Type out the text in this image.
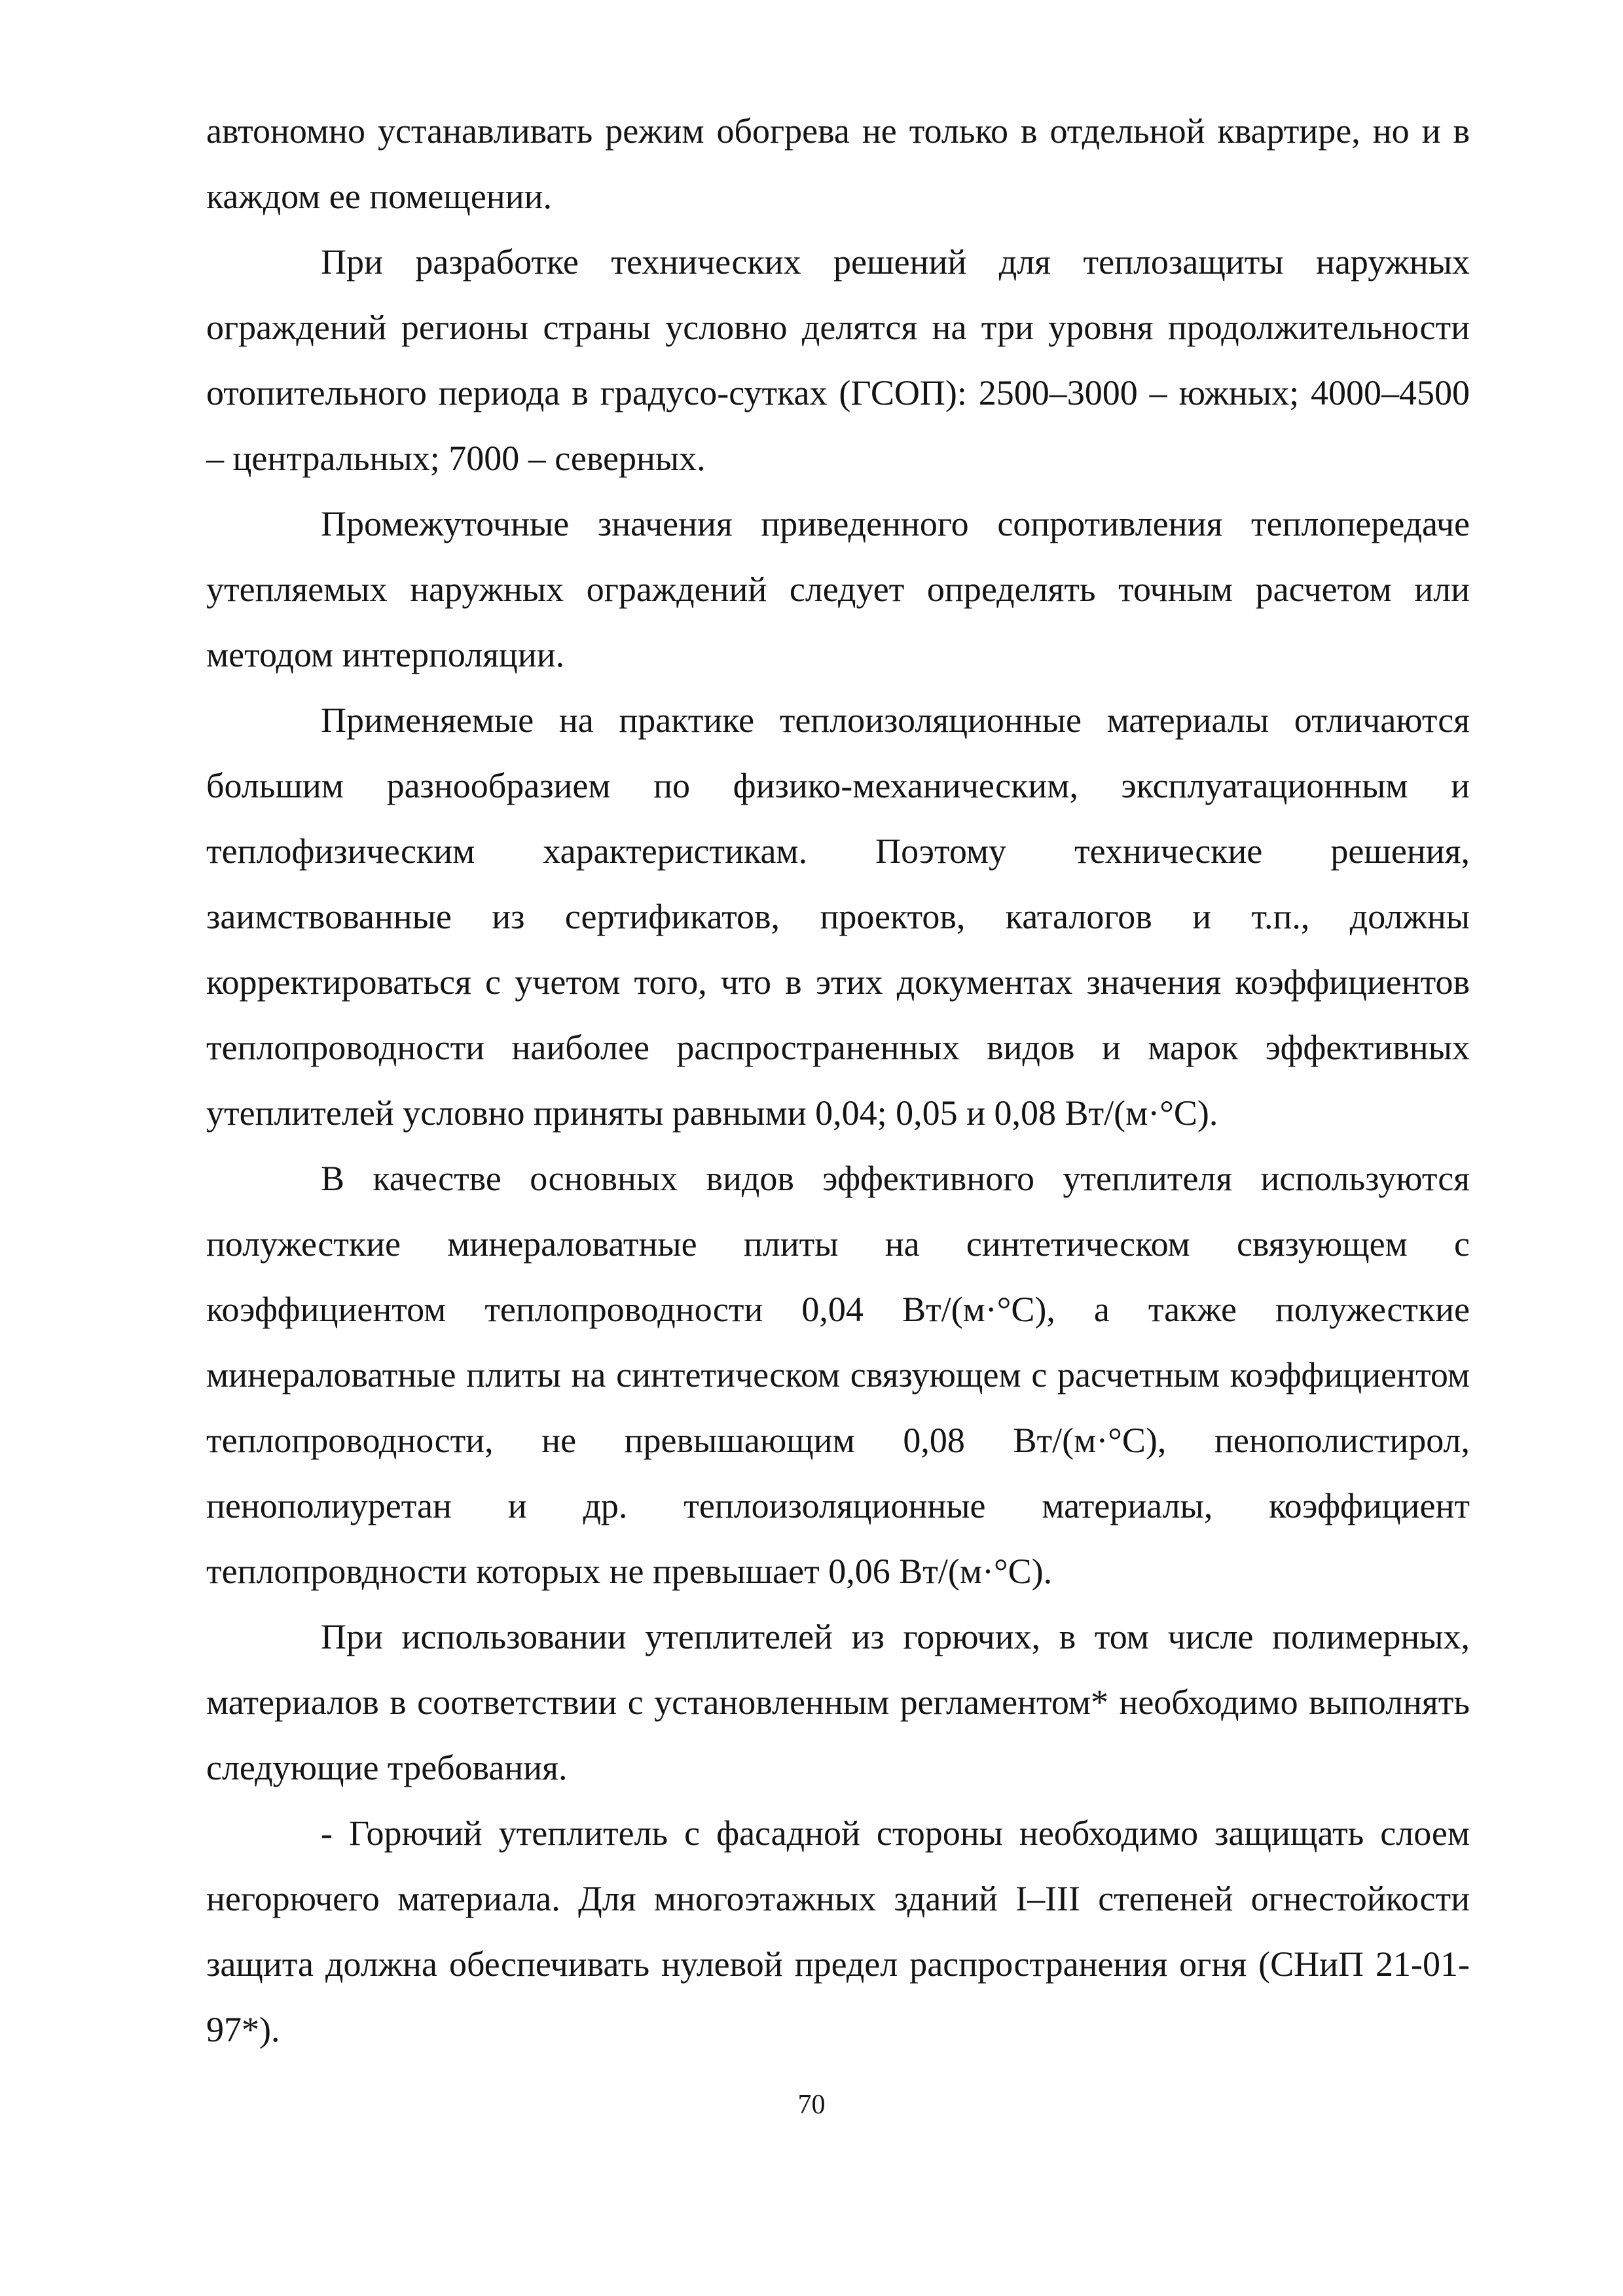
автономно устанавливать режим обогрева не только в отдельной квартире, но и в каждом ее помещении.

При разработке технических решений для теплозащиты наружных ограждений регионы страны условно делятся на три уровня продолжительности отопительного периода в градусо-сутках (ГСОП): 2500–3000 – южных; 4000–4500 – центральных; 7000 – северных.

Промежуточные значения приведенного сопротивления теплопередаче утепляемых наружных ограждений следует определять точным расчетом или методом интерполяции.

Применяемые на практике теплоизоляционные материалы отличаются большим разнообразием по физико-механическим, эксплуатационным и теплофизическим характеристикам. Поэтому технические решения, заимствованные из сертификатов, проектов, каталогов и т.п., должны корректироваться с учетом того, что в этих документах значения коэффициентов теплопроводности наиболее распространенных видов и марок эффективных утеплителей условно приняты равными 0,04; 0,05 и 0,08 Вт/(м·°С).

В качестве основных видов эффективного утеплителя используются полужесткие минераловатные плиты на синтетическом связующем с коэффициентом теплопроводности 0,04 Вт/(м·°С), а также полужесткие минераловатные плиты на синтетическом связующем с расчетным коэффициентом теплопроводности, не превышающим 0,08 Вт/(м·°С), пенополистирол, пенополиуретан и др. теплоизоляционные материалы, коэффициент теплопровдности которых не превышает 0,06 Вт/(м·°С).

При использовании утеплителей из горючих, в том числе полимерных, материалов в соответствии с установленным регламентом* необходимо выполнять следующие требования.

- Горючий утеплитель с фасадной стороны необходимо защищать слоем негорючего материала. Для многоэтажных зданий I–III степеней огнестойкости защита должна обеспечивать нулевой предел распространения огня (СНиП 21-01-97*).

70
